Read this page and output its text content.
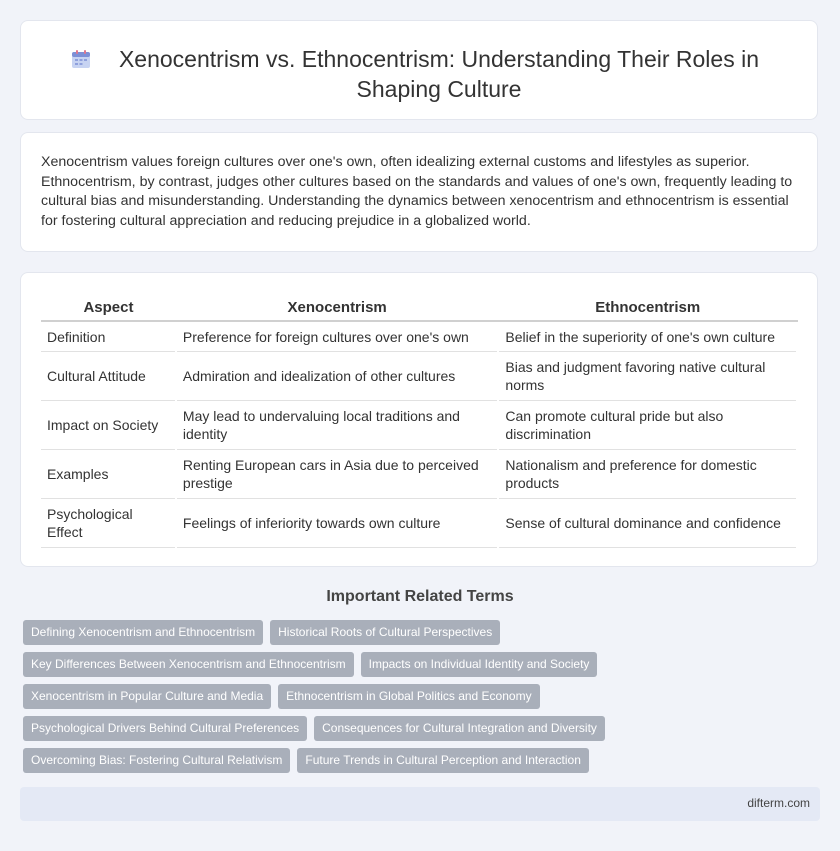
Xenocentrism vs. Ethnocentrism: Understanding Their Roles in Shaping Culture

Xenocentrism values foreign cultures over one's own, often idealizing external customs and lifestyles as superior. Ethnocentrism, by contrast, judges other cultures based on the standards and values of one's own, frequently leading to cultural bias and misunderstanding. Understanding the dynamics between xenocentrism and ethnocentrism is essential for fostering cultural appreciation and reducing prejudice in a globalized world.

Aspect	Xenocentrism	Ethnocentrism
Definition	Preference for foreign cultures over one's own	Belief in the superiority of one's own culture
Cultural Attitude	Admiration and idealization of other cultures	Bias and judgment favoring native cultural norms
Impact on Society	May lead to undervaluing local traditions and identity	Can promote cultural pride but also discrimination
Examples	Renting European cars in Asia due to perceived prestige	Nationalism and preference for domestic products
Psychological Effect	Feelings of inferiority towards own culture	Sense of cultural dominance and confidence
Important Related Terms
Defining Xenocentrism and Ethnocentrism	Historical Roots of Cultural Perspectives
Key Differences Between Xenocentrism and Ethnocentrism	Impacts on Individual Identity and Society
Xenocentrism in Popular Culture and Media	Ethnocentrism in Global Politics and Economy
Psychological Drivers Behind Cultural Preferences	Consequences for Cultural Integration and Diversity
Overcoming Bias: Fostering Cultural Relativism	Future Trends in Cultural Perception and Interaction
difterm.com
